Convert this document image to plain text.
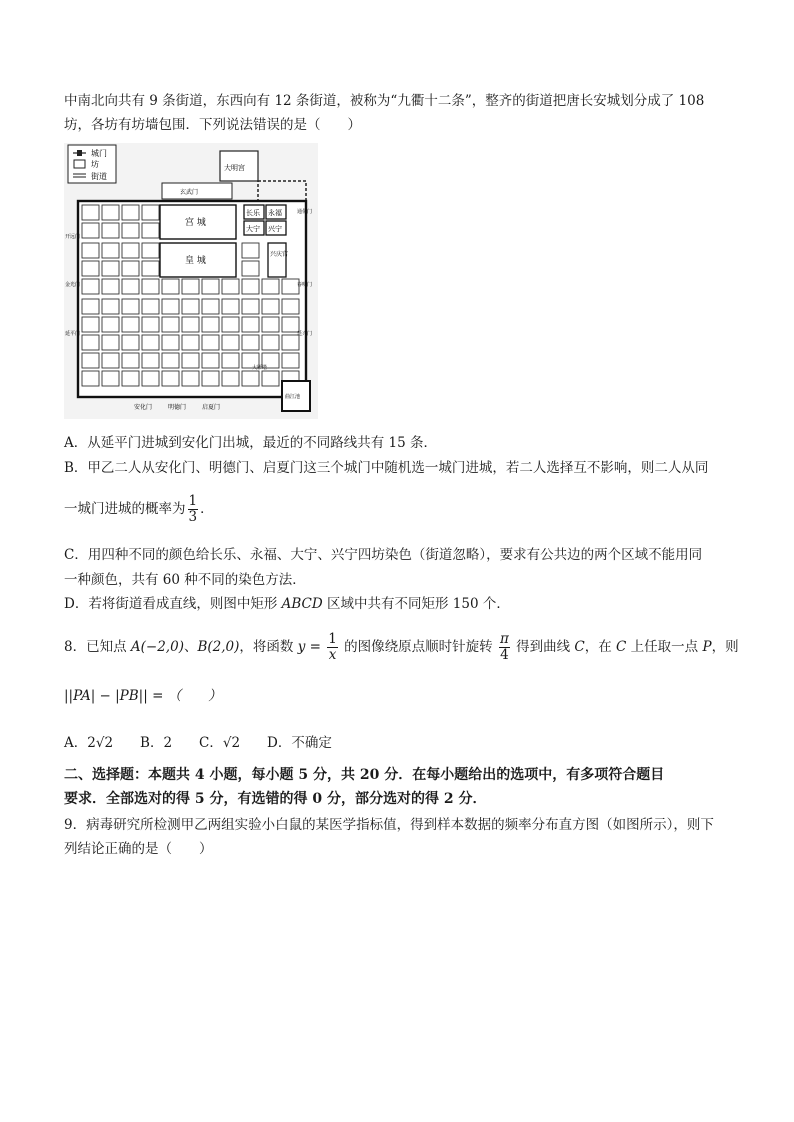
中南北向共有 9 条街道，东西向有 12 条街道，被称为“九衢十二条”，整齐的街道把唐长安城划分成了 108
坊，各坊有坊墙包围．下列说法错误的是（　　）
城门
坊
街道
大明宫
玄武门
宫 城
皇 城
长乐 永福
大宁 兴宁
兴庆宫
开远门
金光门
延平门
通化门
春明门
延兴门
曲江池
大雁塔
安化门	明德门	启夏门
A．从延平门进城到安化门出城，最近的不同路线共有 15 条．
B．甲乙二人从安化门、明德门、启夏门这三个城门中随机选一城门进城，若二人选择互不影响，则二人从同
一城门进城的概率为 $\frac{1}{3}$ ．
C．用四种不同的颜色给长乐、永福、大宁、兴宁四坊染色（街道忽略），要求有公共边的两个区域不能用同
一种颜色，共有 60 种不同的染色方法．
D．若将街道看成直线，则图中矩形 ABCD 区域中共有不同矩形 150 个．
8．已知点 A(−2,0)、B(2,0)，将函数 $y = \frac{1}{x}$ 的图像绕原点顺时针旋转 $\frac{\pi}{4}$ 得到曲线 C，在 C 上任取一点 P，则
||PA| − |PB|| = （　　）
A．2√2　　B．2　　C．√2　　D．不确定
二、选择题：本题共 4 小题，每小题 5 分，共 20 分．在每小题给出的选项中，有多项符合题目
要求．全部选对的得 5 分，有选错的得 0 分，部分选对的得 2 分．
9．病毒研究所检测甲乙两组实验小白鼠的某医学指标值，得到样本数据的频率分布直方图（如图所示），则下
列结论正确的是（　　）
